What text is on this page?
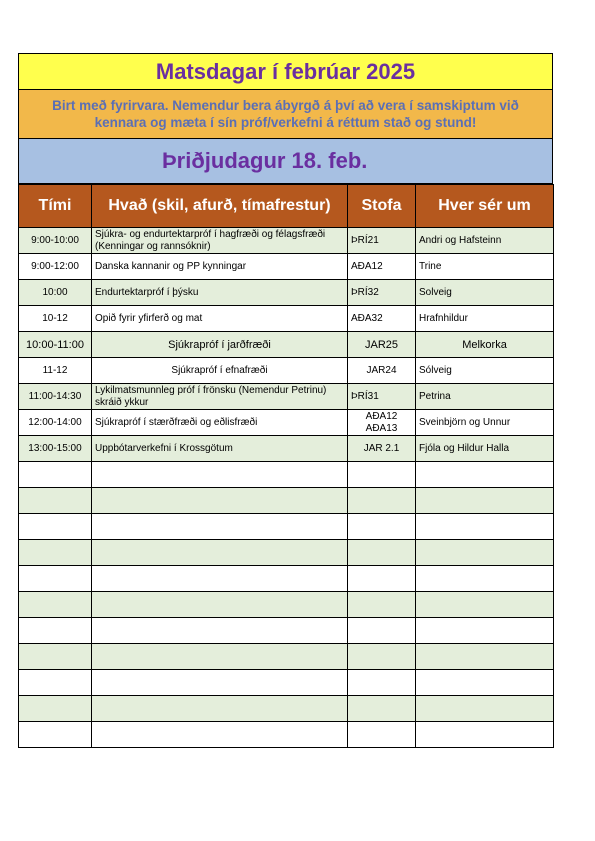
Matsdagar í febrúar 2025
Birt með fyrirvara. Nemendur bera ábyrgð á því að vera í samskiptum við kennara og mæta í sín próf/verkefni á réttum stað og stund!
Þriðjudagur 18. feb.
Tími	Hvað (skil, afurð, tímafrestur)	Stofa	Hver sér um
9:00-10:00	Sjúkra- og endurtektarpróf í hagfræði og félagsfræði (Kenningar og rannsóknir)	ÞRÍ21	Andri og Hafsteinn
9:00-12:00	Danska kannanir og PP kynningar	AÐA12	Trine
10:00	Endurtektarpróf í þýsku	ÞRÍ32	Solveig
10-12	Opið fyrir yfirferð og mat	AÐA32	Hrafnhildur
10:00-11:00	Sjúkrapróf í jarðfræði	JAR25	Melkorka
11-12	Sjúkrapróf í efnafræði	JAR24	Sólveig
11:00-14:30	Lykilmatsmunnleg próf í frönsku (Nemendur Petrinu) skráið ykkur	ÞRÍ31	Petrina
12:00-14:00	Sjúkrapróf í stærðfræði og eðlisfræði	AÐA12 AÐA13	Sveinbjörn og Unnur
13:00-15:00	Uppbótarverkefni í Krossgötum	JAR 2.1	Fjóla og Hildur Halla
